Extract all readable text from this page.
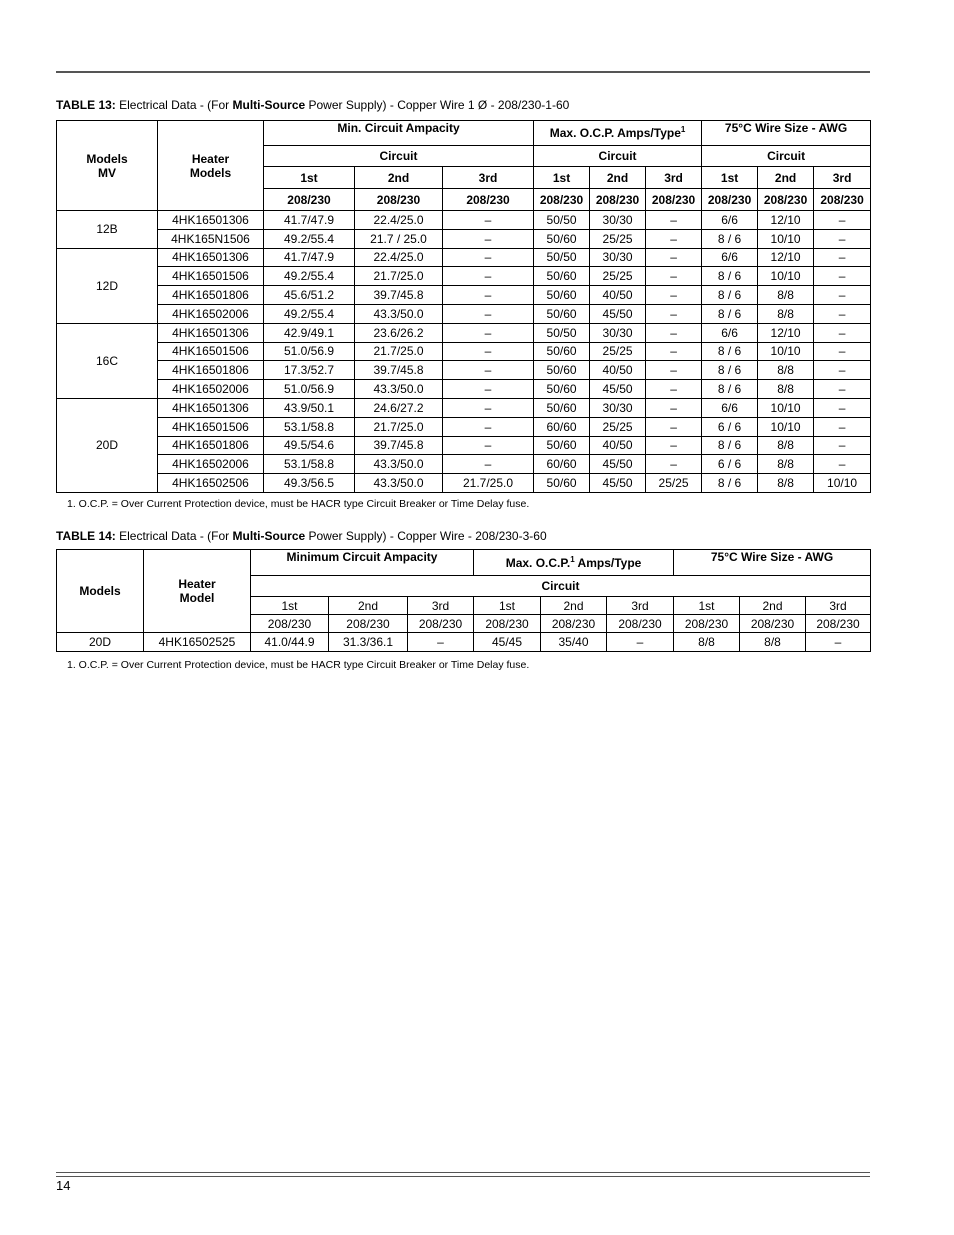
TABLE 13: Electrical Data - (For Multi-Source Power Supply) - Copper Wire 1 Ø - 208/230-1-60
Models
MV	Heater
Models	Min. Circuit Ampacity			Max. O.C.P. Amps/Type$^1$			75°C Wire Size - AWG		
		Circuit			Circuit			Circuit		
		1st	2nd	3rd	1st	2nd	3rd	1st	2nd	3rd
		208/230	208/230	208/230	208/230	208/230	208/230	208/230	208/230	208/230
12B	4HK16501306	41.7/47.9	22.4/25.0	–	50/50	30/30	–	6/6	12/10	–
	4HK165N1506	49.2/55.4	21.7 / 25.0	–	50/60	25/25	–	8 / 6	10/10	–
12D	4HK16501306	41.7/47.9	22.4/25.0	–	50/50	30/30	–	6/6	12/10	–
	4HK16501506	49.2/55.4	21.7/25.0	–	50/60	25/25	–	8 / 6	10/10	–
	4HK16501806	45.6/51.2	39.7/45.8	–	50/60	40/50	–	8 / 6	8/8	–
	4HK16502006	49.2/55.4	43.3/50.0	–	50/60	45/50	–	8 / 6	8/8	–
16C	4HK16501306	42.9/49.1	23.6/26.2	–	50/50	30/30	–	6/6	12/10	–
	4HK16501506	51.0/56.9	21.7/25.0	–	50/60	25/25	–	8 / 6	10/10	–
	4HK16501806	17.3/52.7	39.7/45.8	–	50/60	40/50	–	8 / 6	8/8	–
	4HK16502006	51.0/56.9	43.3/50.0	–	50/60	45/50	–	8 / 6	8/8	–
20D	4HK16501306	43.9/50.1	24.6/27.2	–	50/60	30/30	–	6/6	10/10	–
	4HK16501506	53.1/58.8	21.7/25.0	–	60/60	25/25	–	6 / 6	10/10	–
	4HK16501806	49.5/54.6	39.7/45.8	–	50/60	40/50	–	8 / 6	8/8	–
	4HK16502006	53.1/58.8	43.3/50.0	–	60/60	45/50	–	6 / 6	8/8	–
	4HK16502506	49.3/56.5	43.3/50.0	21.7/25.0	50/60	45/50	25/25	8 / 6	8/8	10/10
1. O.C.P. = Over Current Protection device, must be HACR type Circuit Breaker or Time Delay fuse.
TABLE 14: Electrical Data - (For Multi-Source Power Supply) - Copper Wire - 208/230-3-60
Models	Heater
Model	Minimum Circuit Ampacity			Max. O.C.P.$^1$ Amps/Type			75°C Wire Size - AWG		
		Circuit								
		1st	2nd	3rd	1st	2nd	3rd	1st	2nd	3rd
		208/230	208/230	208/230	208/230	208/230	208/230	208/230	208/230	208/230
20D	4HK16502525	41.0/44.9	31.3/36.1	–	45/45	35/40	–	8/8	8/8	–
1. O.C.P. = Over Current Protection device, must be HACR type Circuit Breaker or Time Delay fuse.
14
